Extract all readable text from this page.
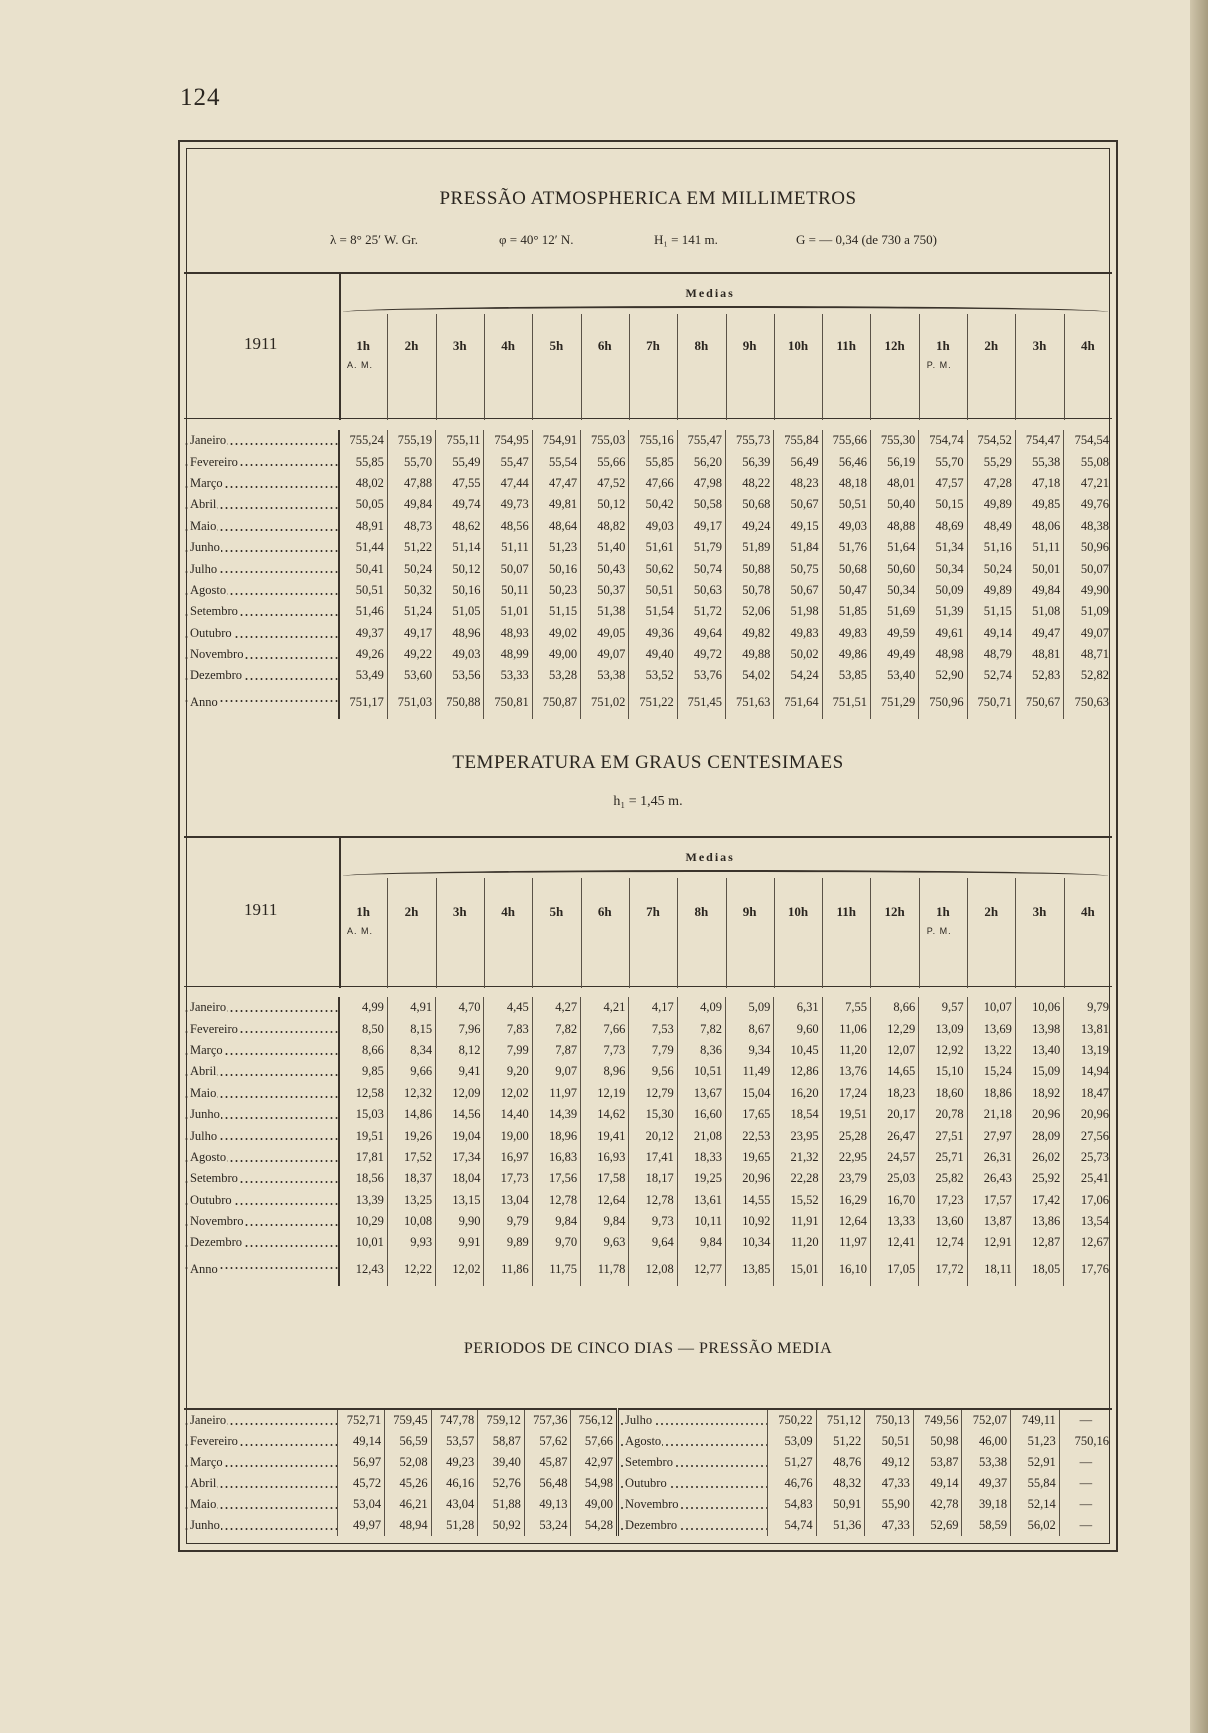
124
PRESSÃO ATMOSPHERICA EM MILLIMETROS
λ = 8° 25′ W. Gr.	φ = 40° 12′ N.	H₁ = 141 m.	G = — 0,34 (de 730 a 750)
1911
Medias
1h	2h	3h	4h	5h	6h	7h	8h	9h	10h	11h	12h	1h	2h	3h	4h
A. M.	P. M.
Janeiro	755,24	755,19	755,11	754,95	754,91	755,03	755,16	755,47	755,73	755,84	755,66	755,30	754,74	754,52	754,47	754,54
Fevereiro	55,85	55,70	55,49	55,47	55,54	55,66	55,85	56,20	56,39	56,49	56,46	56,19	55,70	55,29	55,38	55,08
Março	48,02	47,88	47,55	47,44	47,47	47,52	47,66	47,98	48,22	48,23	48,18	48,01	47,57	47,28	47,18	47,21
Abril	50,05	49,84	49,74	49,73	49,81	50,12	50,42	50,58	50,68	50,67	50,51	50,40	50,15	49,89	49,85	49,76
Maio	48,91	48,73	48,62	48,56	48,64	48,82	49,03	49,17	49,24	49,15	49,03	48,88	48,69	48,49	48,06	48,38
Junho	51,44	51,22	51,14	51,11	51,23	51,40	51,61	51,79	51,89	51,84	51,76	51,64	51,34	51,16	51,11	50,96
Julho	50,41	50,24	50,12	50,07	50,16	50,43	50,62	50,74	50,88	50,75	50,68	50,60	50,34	50,24	50,01	50,07
Agosto	50,51	50,32	50,16	50,11	50,23	50,37	50,51	50,63	50,78	50,67	50,47	50,34	50,09	49,89	49,84	49,90
Setembro	51,46	51,24	51,05	51,01	51,15	51,38	51,54	51,72	52,06	51,98	51,85	51,69	51,39	51,15	51,08	51,09
Outubro	49,37	49,17	48,96	48,93	49,02	49,05	49,36	49,64	49,82	49,83	49,83	49,59	49,61	49,14	49,47	49,07
Novembro	49,26	49,22	49,03	48,99	49,00	49,07	49,40	49,72	49,88	50,02	49,86	49,49	48,98	48,79	48,81	48,71
Dezembro	53,49	53,60	53,56	53,33	53,28	53,38	53,52	53,76	54,02	54,24	53,85	53,40	52,90	52,74	52,83	52,82
Anno	751,17	751,03	750,88	750,81	750,87	751,02	751,22	751,45	751,63	751,64	751,51	751,29	750,96	750,71	750,67	750,63
TEMPERATURA EM GRAUS CENTESIMAES
h₁ = 1,45 m.
1911
Medias
1h	2h	3h	4h	5h	6h	7h	8h	9h	10h	11h	12h	1h	2h	3h	4h
A. M.	P. M.
Janeiro	4,99	4,91	4,70	4,45	4,27	4,21	4,17	4,09	5,09	6,31	7,55	8,66	9,57	10,07	10,06	9,79
Fevereiro	8,50	8,15	7,96	7,83	7,82	7,66	7,53	7,82	8,67	9,60	11,06	12,29	13,09	13,69	13,98	13,81
Março	8,66	8,34	8,12	7,99	7,87	7,73	7,79	8,36	9,34	10,45	11,20	12,07	12,92	13,22	13,40	13,19
Abril	9,85	9,66	9,41	9,20	9,07	8,96	9,56	10,51	11,49	12,86	13,76	14,65	15,10	15,24	15,09	14,94
Maio	12,58	12,32	12,09	12,02	11,97	12,19	12,79	13,67	15,04	16,20	17,24	18,23	18,60	18,86	18,92	18,47
Junho	15,03	14,86	14,56	14,40	14,39	14,62	15,30	16,60	17,65	18,54	19,51	20,17	20,78	21,18	20,96	20,96
Julho	19,51	19,26	19,04	19,00	18,96	19,41	20,12	21,08	22,53	23,95	25,28	26,47	27,51	27,97	28,09	27,56
Agosto	17,81	17,52	17,34	16,97	16,83	16,93	17,41	18,33	19,65	21,32	22,95	24,57	25,71	26,31	26,02	25,73
Setembro	18,56	18,37	18,04	17,73	17,56	17,58	18,17	19,25	20,96	22,28	23,79	25,03	25,82	26,43	25,92	25,41
Outubro	13,39	13,25	13,15	13,04	12,78	12,64	12,78	13,61	14,55	15,52	16,29	16,70	17,23	17,57	17,42	17,06
Novembro	10,29	10,08	9,90	9,79	9,84	9,84	9,73	10,11	10,92	11,91	12,64	13,33	13,60	13,87	13,86	13,54
Dezembro	10,01	9,93	9,91	9,89	9,70	9,63	9,64	9,84	10,34	11,20	11,97	12,41	12,74	12,91	12,87	12,67
Anno	12,43	12,22	12,02	11,86	11,75	11,78	12,08	12,77	13,85	15,01	16,10	17,05	17,72	18,11	18,05	17,76
PERIODOS DE CINCO DIAS — PRESSÃO MEDIA
Janeiro	752,71	759,45	747,78	759,12	757,36	756,12	Julho	750,22	751,12	750,13	749,56	752,07	749,11	—
Fevereiro	49,14	56,59	53,57	58,87	57,62	57,66	Agosto	53,09	51,22	50,51	50,98	46,00	51,23	750,16
Março	56,97	52,08	49,23	39,40	45,87	42,97	Setembro	51,27	48,76	49,12	53,87	53,38	52,91	—
Abril	45,72	45,26	46,16	52,76	56,48	54,98	Outubro	46,76	48,32	47,33	49,14	49,37	55,84	—
Maio	53,04	46,21	43,04	51,88	49,13	49,00	Novembro	54,83	50,91	55,90	42,78	39,18	52,14	—
Junho	49,97	48,94	51,28	50,92	53,24	54,28	Dezembro	54,74	51,36	47,33	52,69	58,59	56,02	—
